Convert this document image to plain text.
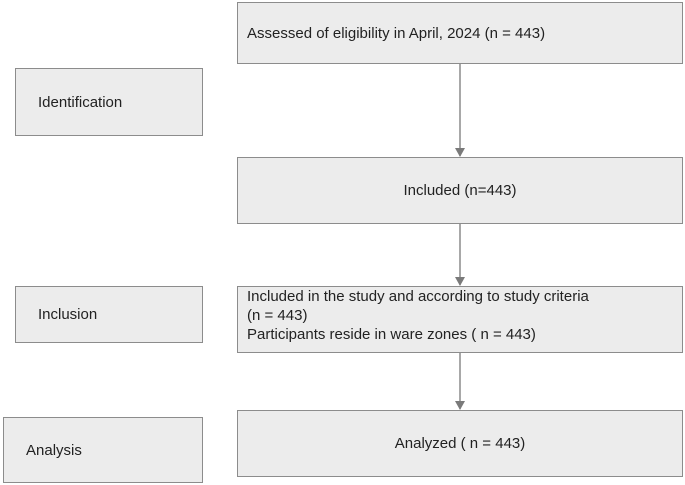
Identification
Inclusion
Analysis
Assessed of eligibility in April, 2024 (n = 443)
Included (n=443)
Included in the study and according to study criteria
(n = 443)
Participants reside in ware zones ( n = 443)
Analyzed ( n = 443)
